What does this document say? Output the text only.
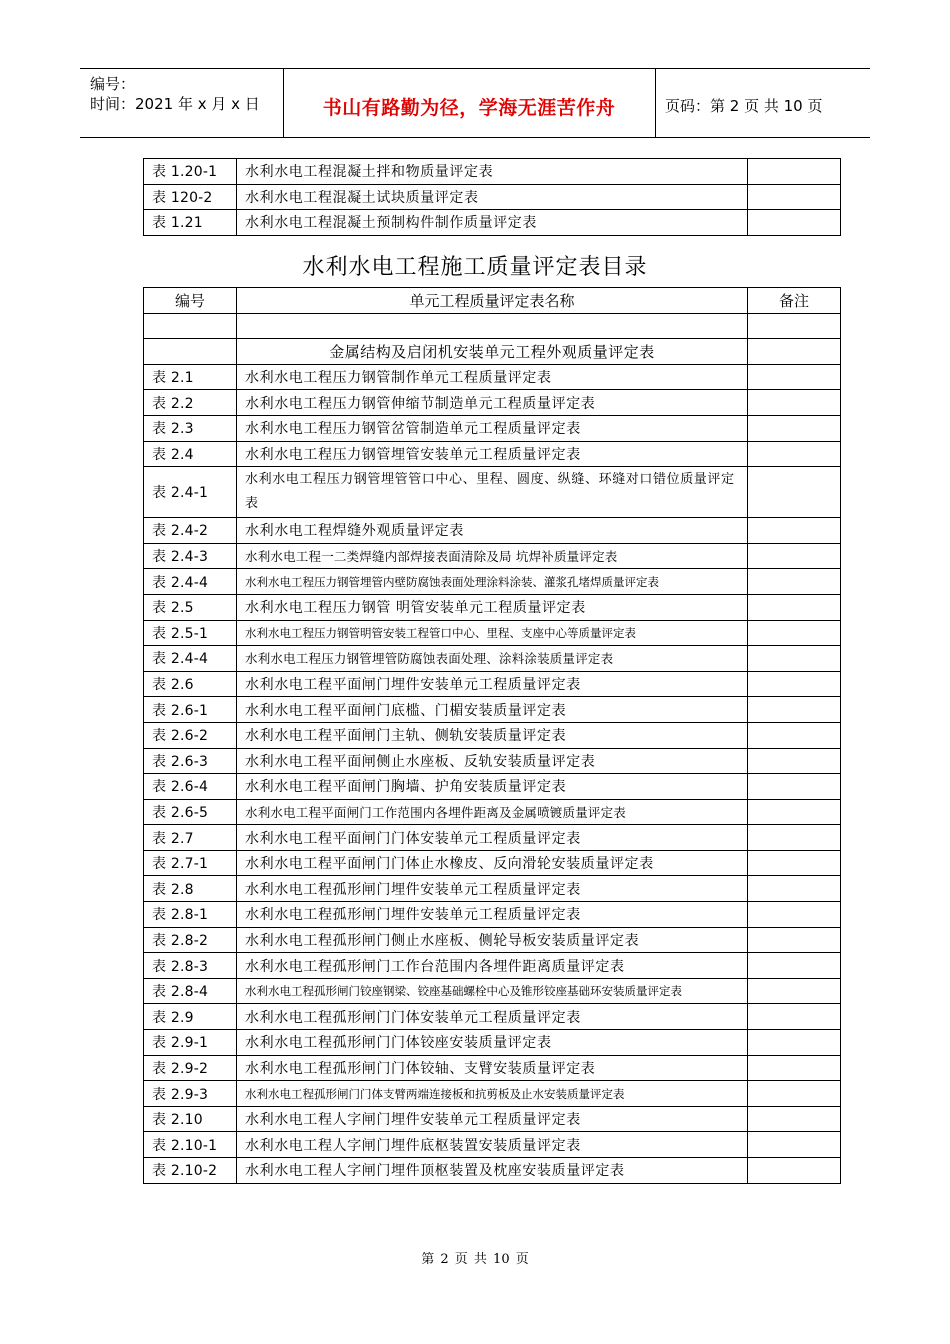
编号：
时间：2021 年 x 月 x 日	书山有路勤为径，学海无涯苦作舟	页码：第 2 页 共 10 页
表 1.20-1	水利水电工程混凝土拌和物质量评定表	
表 120-2	水利水电工程混凝土试块质量评定表	
表 1.21	水利水电工程混凝土预制构件制作质量评定表	
水利水电工程施工质量评定表目录
编号	单元工程质量评定表名称	备注

	金属结构及启闭机安装单元工程外观质量评定表	
表 2.1	水利水电工程压力钢管制作单元工程质量评定表	
表 2.2	水利水电工程压力钢管伸缩节制造单元工程质量评定表	
表 2.3	水利水电工程压力钢管岔管制造单元工程质量评定表	
表 2.4	水利水电工程压力钢管埋管安装单元工程质量评定表	
表 2.4-1	水利水电工程压力钢管埋管管口中心、里程、圆度、纵缝、环缝对口错位质量评定表	
表 2.4-2	水利水电工程焊缝外观质量评定表	
表 2.4-3	水利水电工程一二类焊缝内部焊接表面清除及局 坑焊补质量评定表	
表 2.4-4	水利水电工程压力钢管埋管内壁防腐蚀表面处理涂料涂装、灌浆孔堵焊质量评定表	
表 2.5	水利水电工程压力钢管 明管安装单元工程质量评定表	
表 2.5-1	水利水电工程压力钢管明管安装工程管口中心、里程、支座中心等质量评定表	
表 2.4-4	水利水电工程压力钢管埋管防腐蚀表面处理、涂料涂装质量评定表	
表 2.6	水利水电工程平面闸门埋件安装单元工程质量评定表	
表 2.6-1	水利水电工程平面闸门底槛、门楣安装质量评定表	
表 2.6-2	水利水电工程平面闸门主轨、侧轨安装质量评定表	
表 2.6-3	水利水电工程平面闸侧止水座板、反轨安装质量评定表	
表 2.6-4	水利水电工程平面闸门胸墙、护角安装质量评定表	
表 2.6-5	水利水电工程平面闸门工作范围内各埋件距离及金属喷镀质量评定表	
表 2.7	水利水电工程平面闸门门体安装单元工程质量评定表	
表 2.7-1	水利水电工程平面闸门门体止水橡皮、反向滑轮安装质量评定表	
表 2.8	水利水电工程孤形闸门埋件安装单元工程质量评定表	
表 2.8-1	水利水电工程孤形闸门埋件安装单元工程质量评定表	
表 2.8-2	水利水电工程孤形闸门侧止水座板、侧轮导板安装质量评定表	
表 2.8-3	水利水电工程孤形闸门工作台范围内各埋件距离质量评定表	
表 2.8-4	水利水电工程孤形闸门铰座钢梁、铰座基础螺栓中心及锥形铰座基础环安装质量评定表	
表 2.9	水利水电工程孤形闸门门体安装单元工程质量评定表	
表 2.9-1	水利水电工程孤形闸门门体铰座安装质量评定表	
表 2.9-2	水利水电工程孤形闸门门体铰轴、支臂安装质量评定表	
表 2.9-3	水利水电工程孤形闸门门体支臂两端连接板和抗剪板及止水安装质量评定表	
表 2.10	水利水电工程人字闸门埋件安装单元工程质量评定表	
表 2.10-1	水利水电工程人字闸门埋件底枢装置安装质量评定表	
表 2.10-2	水利水电工程人字闸门埋件顶枢装置及枕座安装质量评定表	
第 2 页 共 10 页
